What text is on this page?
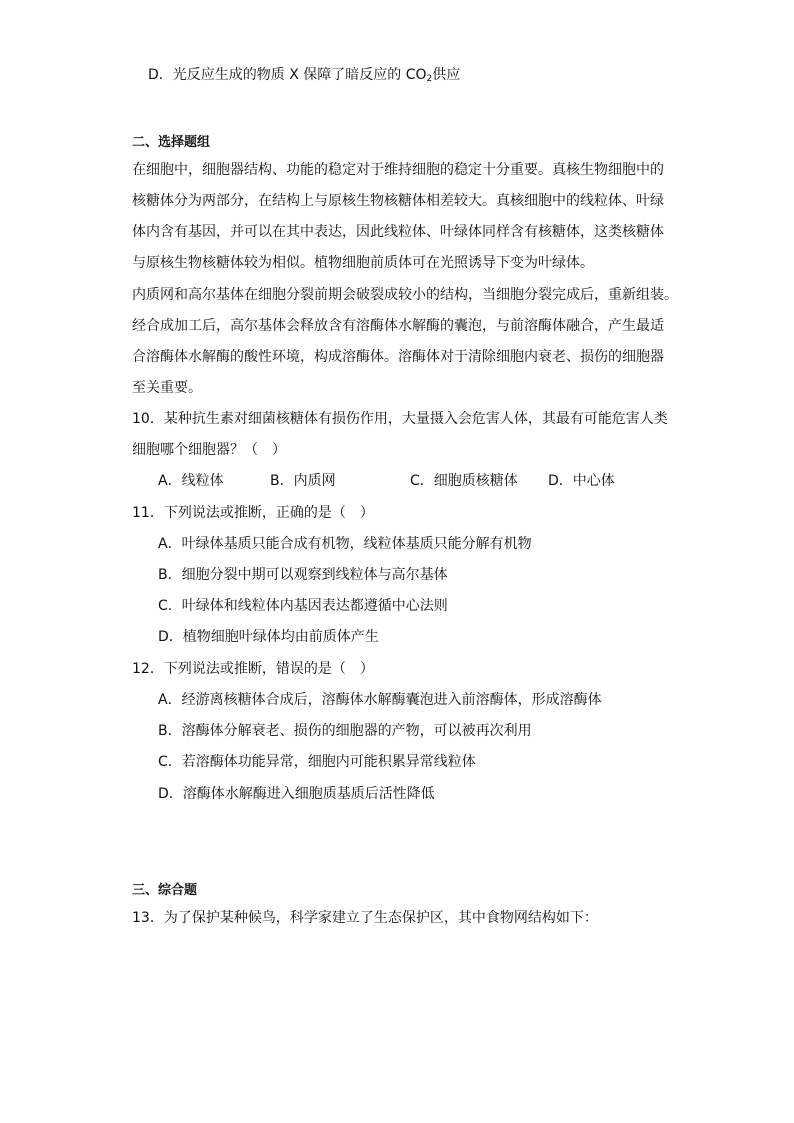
D．光反应生成的物质 X 保障了暗反应的 $CO_2$供应
二、选择题组
在细胞中，细胞器结构、功能的稳定对于维持细胞的稳定十分重要。真核生物细胞中的
核糖体分为两部分，在结构上与原核生物核糖体相差较大。真核细胞中的线粒体、叶绿
体内含有基因，并可以在其中表达，因此线粒体、叶绿体同样含有核糖体，这类核糖体
与原核生物核糖体较为相似。植物细胞前质体可在光照诱导下变为叶绿体。
内质网和高尔基体在细胞分裂前期会破裂成较小的结构，当细胞分裂完成后，重新组装。
经合成加工后，高尔基体会释放含有溶酶体水解酶的囊泡，与前溶酶体融合，产生最适
合溶酶体水解酶的酸性环境，构成溶酶体。溶酶体对于清除细胞内衰老、损伤的细胞器
至关重要。
10．某种抗生素对细菌核糖体有损伤作用，大量摄入会危害人体，其最有可能危害人类
细胞哪个细胞器？（　）
A．线粒体	B．内质网	C．细胞质核糖体 D．中心体
11．下列说法或推断，正确的是（　）
A．叶绿体基质只能合成有机物，线粒体基质只能分解有机物
B．细胞分裂中期可以观察到线粒体与高尔基体
C．叶绿体和线粒体内基因表达都遵循中心法则
D．植物细胞叶绿体均由前质体产生
12．下列说法或推断，错误的是（　）
A．经游离核糖体合成后，溶酶体水解酶囊泡进入前溶酶体，形成溶酶体
B．溶酶体分解衰老、损伤的细胞器的产物，可以被再次利用
C．若溶酶体功能异常，细胞内可能积累异常线粒体
D．溶酶体水解酶进入细胞质基质后活性降低
三、综合题
13．为了保护某种候鸟，科学家建立了生态保护区，其中食物网结构如下：
